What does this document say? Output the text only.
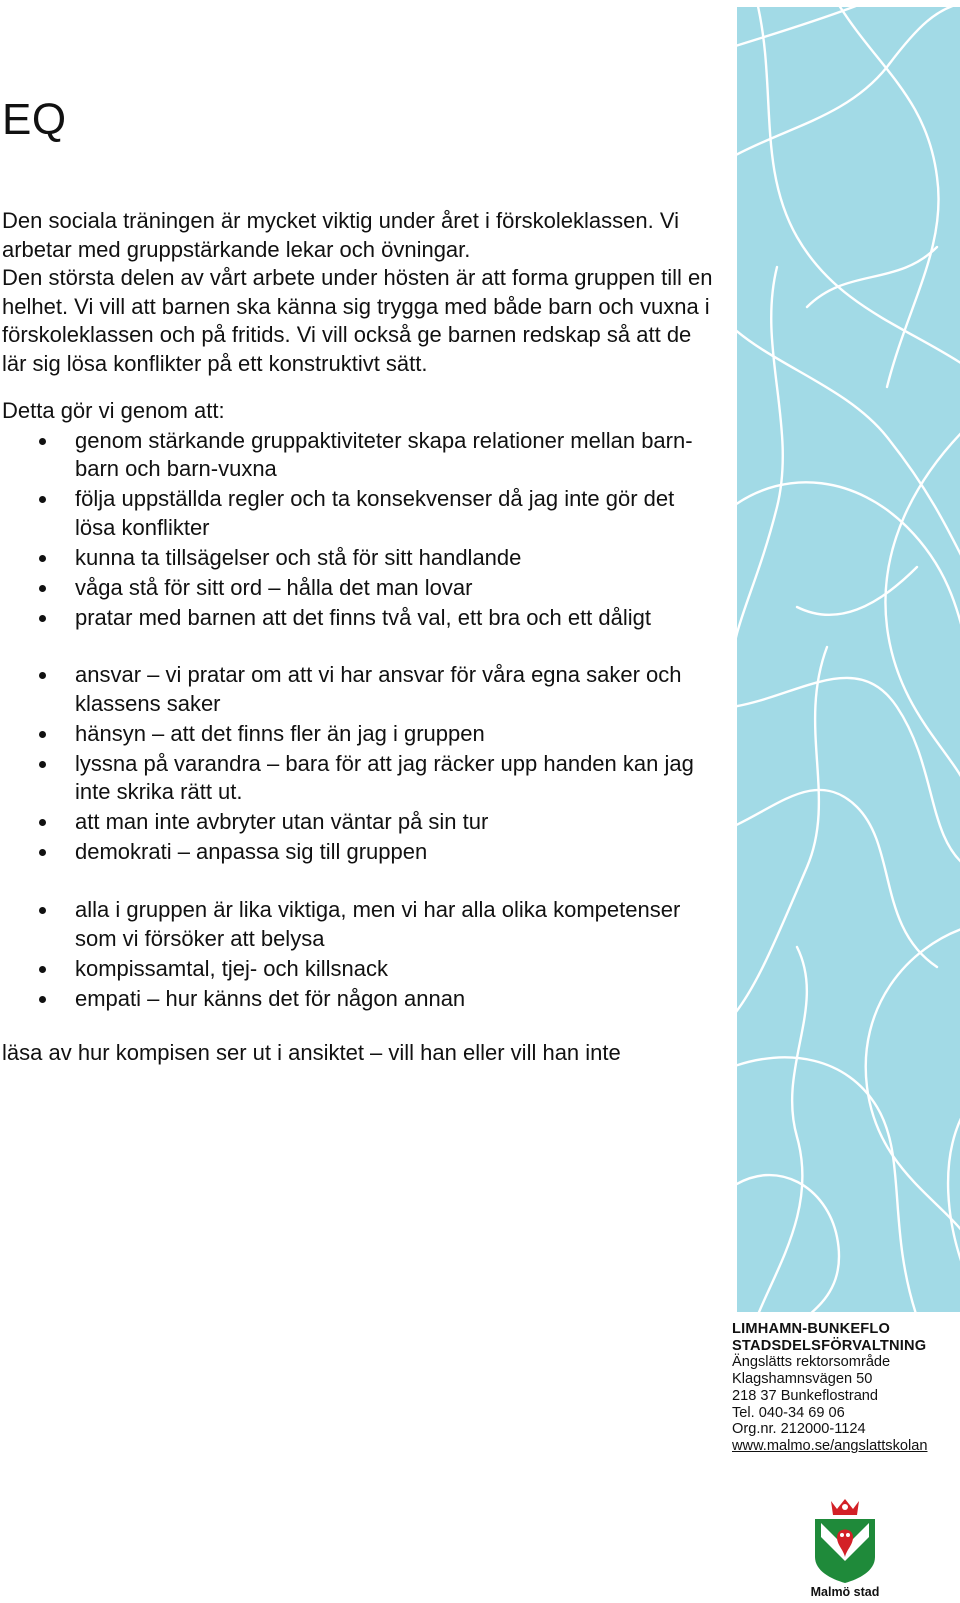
EQ

Den sociala träningen är mycket viktig under året i förskoleklassen. Vi arbetar med gruppstärkande lekar och övningar.

Den största delen av vårt arbete under hösten är att forma gruppen till en helhet. Vi vill att barnen ska känna sig trygga med både barn och vuxna i förskoleklassen och på fritids. Vi vill också ge barnen redskap så att de lär sig lösa konflikter på ett konstruktivt sätt.

Detta gör vi genom att:

genom stärkande gruppaktiviteter skapa relationer mellan barn-barn och barn-vuxna
följa uppställda regler och ta konsekvenser då jag inte gör det lösa konflikter
kunna ta tillsägelser och stå för sitt handlande
våga stå för sitt ord – hålla det man lovar
pratar med barnen att det finns två val, ett bra och ett dåligt
ansvar – vi pratar om att vi har ansvar för våra egna saker och klassens saker
hänsyn – att det finns fler än jag i gruppen
lyssna på varandra – bara för att jag räcker upp handen kan jag inte skrika rätt ut.
att man inte avbryter utan väntar på sin tur
demokrati – anpassa sig till gruppen
alla i gruppen är lika viktiga, men vi har alla olika kompetenser som vi försöker att belysa
kompissamtal, tjej- och killsnack
empati – hur känns det för någon annan

läsa av hur kompisen ser ut i ansiktet – vill han eller vill han inte

LIMHAMN-BUNKEFLO
STADSDELSFÖRVALTNING
Ängslätts rektorsområde
Klagshamnsvägen 50
218 37 Bunkeflostrand
Tel. 040-34 69 06
Org.nr. 212000-1124
www.malmo.se/angslattskolan
Malmö stad
